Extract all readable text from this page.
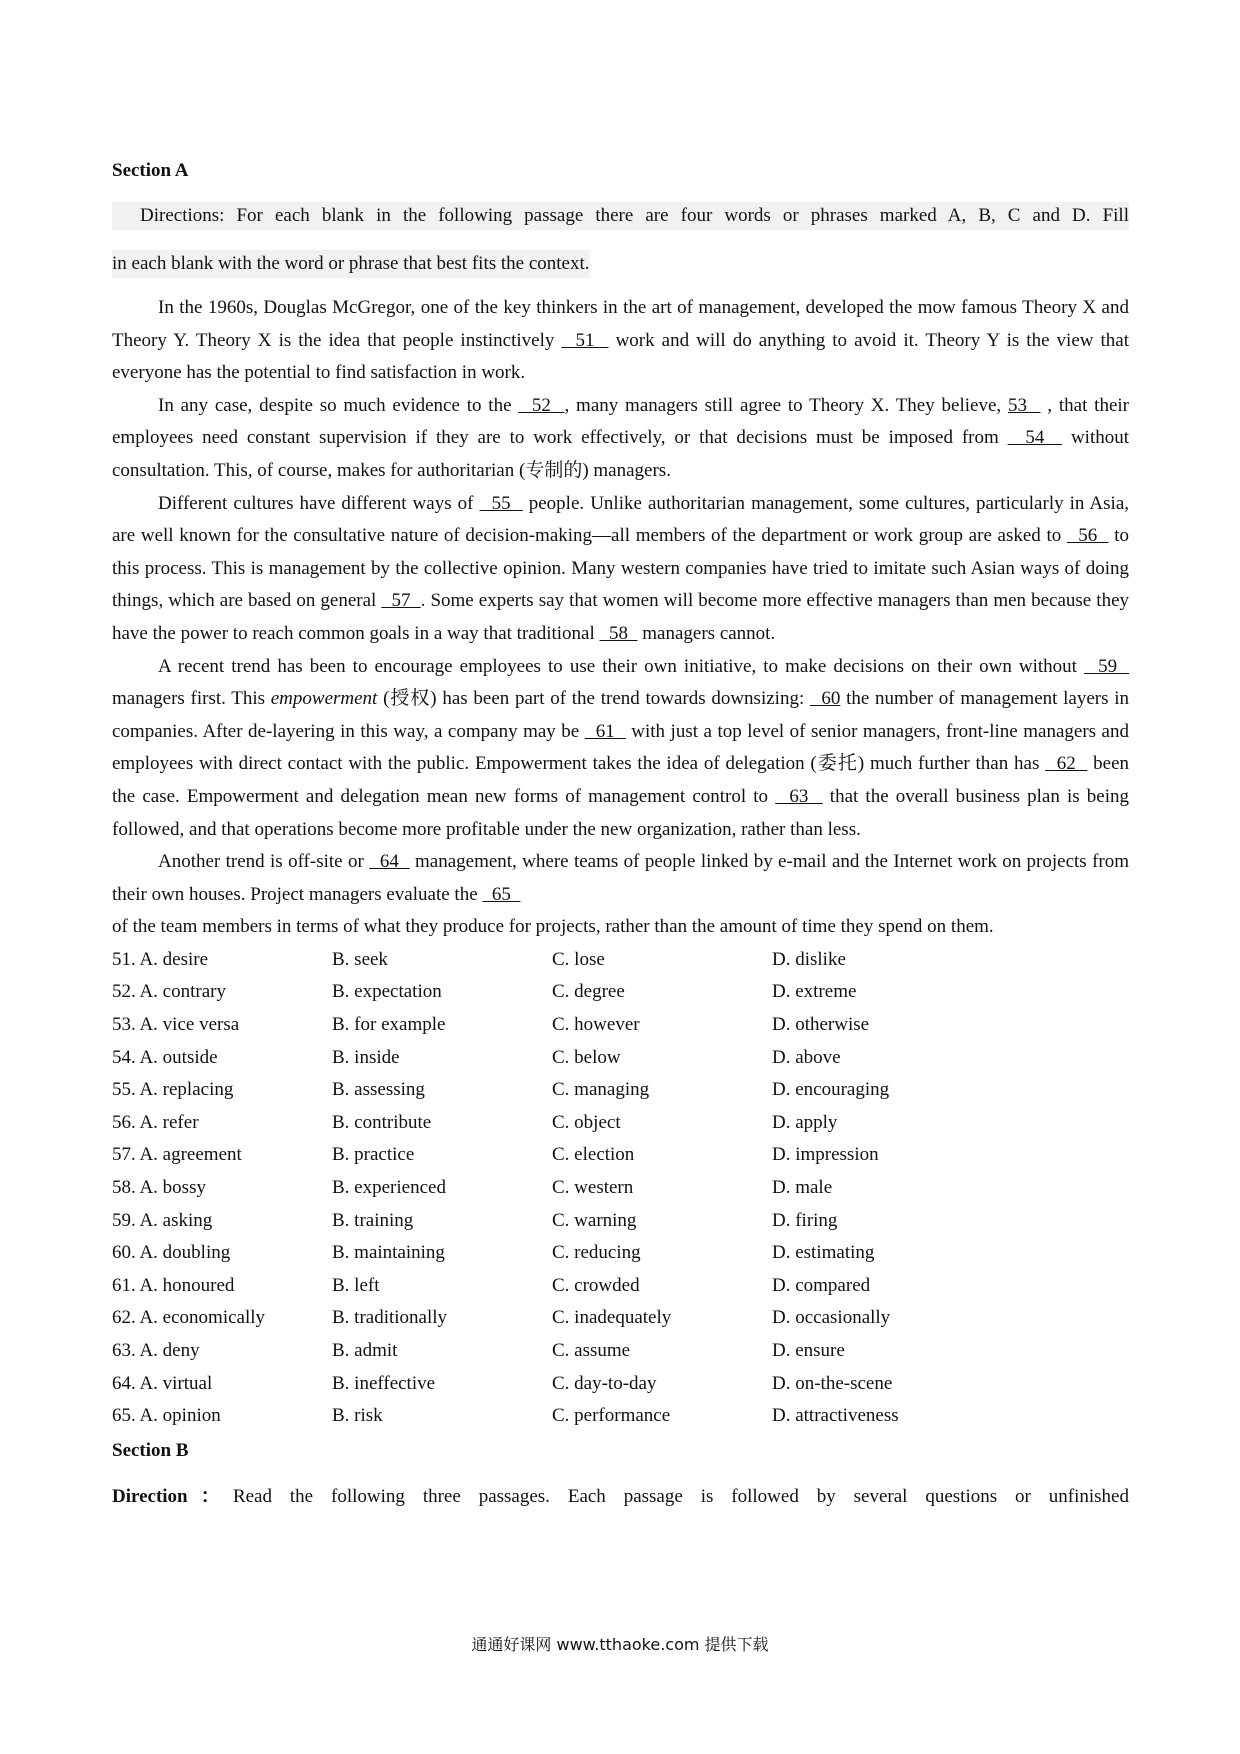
Section A

Directions: For each blank in the following passage there are four words or phrases marked A, B, C and D. Fill
in each blank with the word or phrase that best fits the context.

In the 1960s, Douglas McGregor, one of the key thinkers in the art of management, developed the mow famous Theory X and Theory Y. Theory X is the idea that people instinctively   51   work and will do anything to avoid it. Theory Y is the view that everyone has the potential to find satisfaction in work.

In any case, despite so much evidence to the   52  , many managers still agree to Theory X. They believe, 53   , that their employees need constant supervision if they are to work effectively, or that decisions must be imposed from   54   without consultation. This, of course, makes for authoritarian (专制的) managers.

Different cultures have different ways of   55   people. Unlike authoritarian management, some cultures, particularly in Asia, are well known for the consultative nature of decision-making—all members of the department or work group are asked to   56   to this process. This is management by the collective opinion. Many western companies have tried to imitate such Asian ways of doing things, which are based on general   57  . Some experts say that women will become more effective managers than men because they have the power to reach common goals in a way that traditional   58   managers cannot.

A recent trend has been to encourage employees to use their own initiative, to make decisions on their own without   59   managers first. This empowerment (授权) has been part of the trend towards downsizing:   60 the number of management layers in companies. After de-layering in this way, a company may be   61   with just a top level of senior managers, front-line managers and employees with direct contact with the public. Empowerment takes the idea of delegation (委托) much further than has   62   been the case. Empowerment and delegation mean new forms of management control to   63   that the overall business plan is being followed, and that operations become more profitable under the new organization, rather than less.

Another trend is off-site or   64   management, where teams of people linked by e-mail and the Internet work on projects from their own houses. Project managers evaluate the   65
of the team members in terms of what they produce for projects, rather than the amount of time they spend on them.

51. A. desire	B. seek	C. lose	D. dislike
52. A. contrary	B. expectation	C. degree	D. extreme
53. A. vice versa	B. for example	C. however	D. otherwise
54. A. outside	B. inside	C. below	D. above
55. A. replacing	B. assessing	C. managing	D. encouraging
56. A. refer	B. contribute	C. object	D. apply
57. A. agreement	B. practice	C. election	D. impression
58. A. bossy	B. experienced	C. western	D. male
59. A. asking	B. training	C. warning	D. firing
60. A. doubling	B. maintaining	C. reducing	D. estimating
61. A. honoured	B. left	C. crowded	D. compared
62. A. economically	B. traditionally	C. inadequately	D. occasionally
63. A. deny	B. admit	C. assume	D. ensure
64. A. virtual	B. ineffective	C. day-to-day	D. on-the-scene
65. A. opinion	B. risk	C. performance	D. attractiveness

Section B

Direction：Read the following three passages. Each passage is followed by several questions or unfinished
通通好课网 www.tthaoke.com 提供下载
